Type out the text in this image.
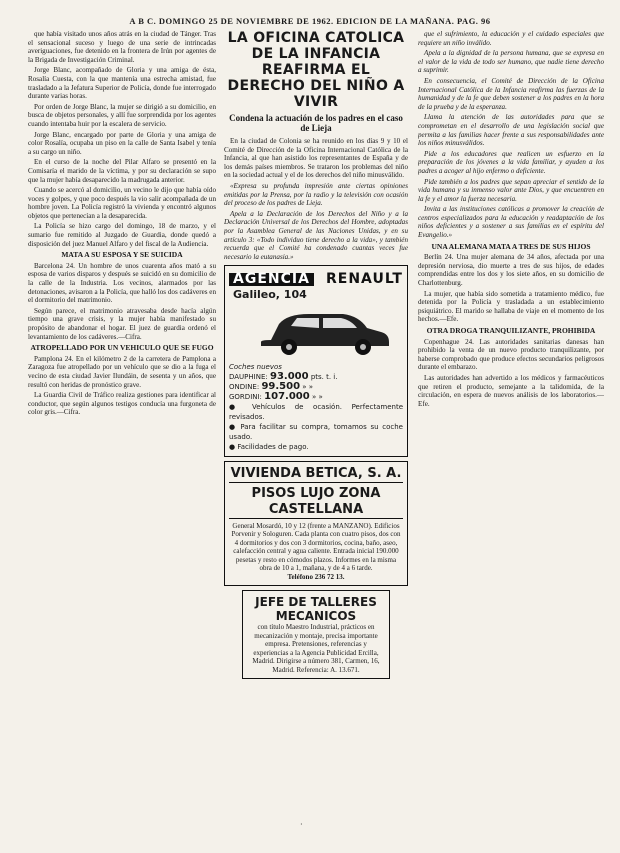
A B C. DOMINGO 25 DE NOVIEMBRE DE 1962. EDICION DE LA MAÑANA. PAG. 96

que había visitado unos años atrás en la ciudad de Tánger. Tras el sensacional suceso y luego de una serie de intrincadas averiguaciones, fue detenido en la frontera de Irún por agentes de la Brigada de Investigación Criminal.

Jorge Blanc, acompañado de Gloria y una amiga de ésta, Rosalía Cuesta, con la que mantenía una estrecha amistad, fue trasladado a la Jefatura Superior de Policía, donde fue interrogado durante varias horas.

Por orden de Jorge Blanc, la mujer se dirigió a su domicilio, en busca de objetos personales, y allí fue sorprendida por los agentes cuando intentaba huir por la escalera de servicio.

Jorge Blanc, encargado por parte de Gloria y una amiga de color Rosalía, ocupaba un piso en la calle de Santa Isabel y tenía a su cargo un niño.

En el curso de la noche del Pilar Alfaro se presentó en la Comisaría el marido de la víctima, y por su declaración se supo que la mujer había desaparecido la madrugada anterior.

Cuando se acercó al domicilio, un vecino le dijo que había oído voces y golpes, y que poco después la vio salir acompañada de un hombre joven. La Policía registró la vivienda y encontró algunos objetos que pertenecían a la desaparecida.

La Policía se hizo cargo del domingo, 18 de marzo, y el sumario fue remitido al Juzgado de Guardia, donde quedó a disposición del juez Manuel Alfaro y del fiscal de la Audiencia.

MATA A SU ESPOSA Y SE SUICIDA

Barcelona 24. Un hombre de unos cuarenta años mató a su esposa de varios disparos y después se suicidó en su domicilio de la calle de la Industria. Los vecinos, alarmados por las detonaciones, avisaron a la Policía, que halló los dos cadáveres en el dormitorio del matrimonio.

Según parece, el matrimonio atravesaba desde hacía algún tiempo una grave crisis, y la mujer había manifestado su propósito de abandonar el hogar. El juez de guardia ordenó el levantamiento de los cadáveres.—Cifra.

ATROPELLADO POR UN VEHICULO QUE SE FUGO

Pamplona 24. En el kilómetro 2 de la carretera de Pamplona a Zaragoza fue atropellado por un vehículo que se dio a la fuga el vecino de esta ciudad Javier Ilundáin, de sesenta y un años, que resultó con heridas de pronóstico grave.

La Guardia Civil de Tráfico realiza gestiones para identificar al conductor, que según algunos testigos conducía una furgoneta de color gris.—Cifra.

LA OFICINA CATOLICA DE LA INFANCIA REAFIRMA EL DERECHO DEL NIÑO A VIVIR
Condena la actuación de los padres en el caso de Lieja

En la ciudad de Colonia se ha reunido en los días 9 y 10 el Comité de Dirección de la Oficina Internacional Católica de la Infancia, al que han asistido los representantes de España y de los demás países miembros. Se trataron los problemas del niño en la sociedad actual y el de los derechos del niño minusválido.

«Expresa su profunda impresión ante ciertas opiniones emitidas por la Prensa, por la radio y la televisión con ocasión del proceso de los padres de Lieja.

Apela a la Declaración de los Derechos del Niño y a la Declaración Universal de los Derechos del Hombre, adoptadas por la Asamblea General de las Naciones Unidas, y en su artículo 3: «Todo individuo tiene derecho a la vida», y también recuerda que el Comité ha condenado cuantas veces fue necesario la eutanasia.»

AGENCIA RENAULT
Galileo, 104
Coches nuevos
DAUPHINE: 93.000 pts. t. i.
ONDINE: 99.500 » »
GORDINI: 107.000 » »
● Vehículos de ocasión. Perfectamente revisados.
● Para facilitar su compra, tomamos su coche usado.
● Facilidades de pago.
VIVIENDA BETICA, S. A.
PISOS LUJO ZONA CASTELLANA
General Mosardó, 10 y 12 (frente a MANZANO). Edificios Porvenir y Sologuren. Cada planta con cuatro pisos, dos con 4 dormitorios y dos con 3 dormitorios, cocina, baño, aseo, calefacción central y agua caliente. Entrada inicial 190.000 pesetas y resto en cómodos plazos. Informes en la misma obra de 10 a 1, mañana, y de 4 a 6 tarde.
Teléfono 236 72 13.
JEFE DE TALLERES
MECANICOS
con título Maestro Industrial, prácticos en mecanización y montaje, precisa importante empresa. Pretensiones, referencias y experiencias a la Agencia Publicidad Ercilla, Madrid. Dirigirse a número 381, Carmen, 16, Madrid. Referencia: A. 13.671.

que el sufrimiento, la educación y el cuidado especiales que requiere un niño inválido.

Apela a la dignidad de la persona humana, que se expresa en el valor de la vida de todo ser humano, que nadie tiene derecho a suprimir.

En consecuencia, el Comité de Dirección de la Oficina Internacional Católica de la Infancia reafirma las fuerzas de la humanidad y de la fe que deben sostener a los padres en la hora de la prueba y de la esperanza.

Llama la atención de las autoridades para que se comprometan en el desarrollo de una legislación social que permita a las familias hacer frente a sus responsabilidades ante los niños minusválidos.

Pide a los educadores que realicen un esfuerzo en la preparación de los jóvenes a la vida familiar, y ayuden a los padres a acoger al hijo enfermo o deficiente.

Pide también a los padres que sepan apreciar el sentido de la vida humana y su inmenso valor ante Dios, y que encuentren en la fe y el amor la fuerza necesaria.

Invita a las instituciones católicas a promover la creación de centros especializados para la educación y readaptación de los niños deficientes y a sostener a sus familias en el espíritu del Evangelio.»

UNA ALEMANA MATA A TRES DE SUS HIJOS

Berlín 24. Una mujer alemana de 34 años, afectada por una depresión nerviosa, dio muerte a tres de sus hijos, de edades comprendidas entre los dos y los siete años, en su domicilio de Charlottenburg.

La mujer, que había sido sometida a tratamiento médico, fue detenida por la Policía y trasladada a un establecimiento psiquiátrico. El marido se hallaba de viaje en el momento de los hechos.—Efe.

OTRA DROGA TRANQUILIZANTE, PROHIBIDA

Copenhague 24. Las autoridades sanitarias danesas han prohibido la venta de un nuevo producto tranquilizante, por haberse comprobado que produce efectos secundarios peligrosos durante el embarazo.

Las autoridades han advertido a los médicos y farmacéuticos que retiren el producto, semejante a la talidomida, de la circulación, en espera de nuevos análisis de los laboratorios.—Efe.

·
